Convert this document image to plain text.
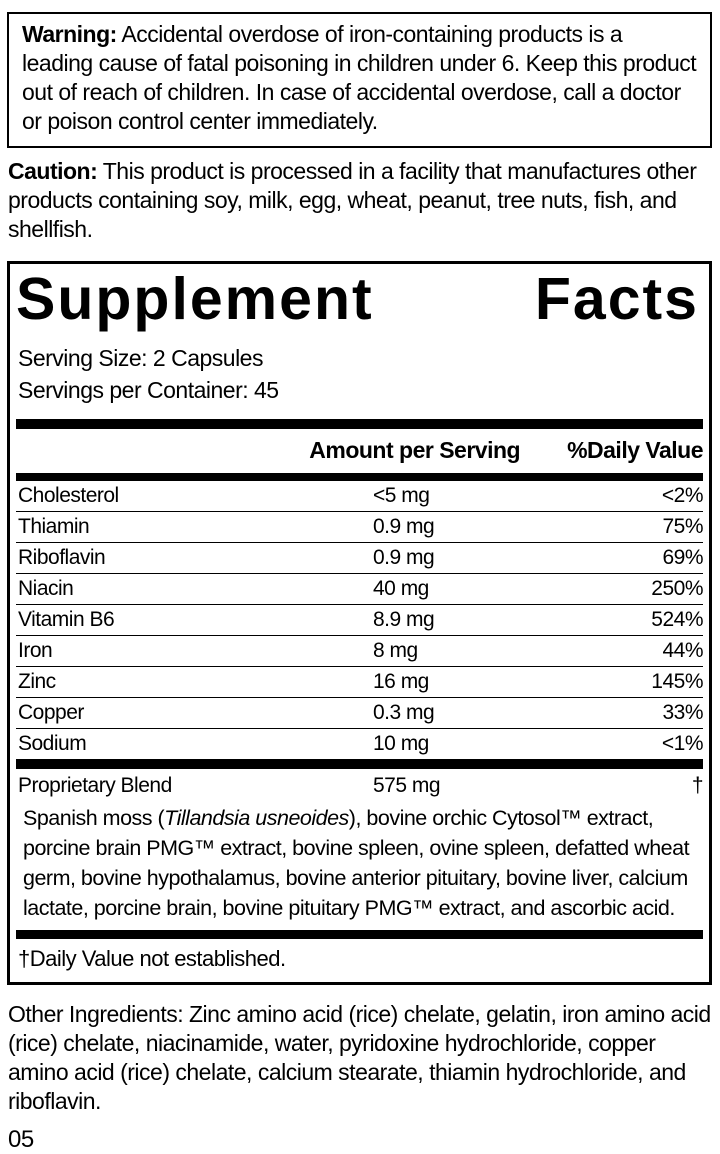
Warning: Accidental overdose of iron-containing products is a leading cause of fatal poisoning in children under 6. Keep this product out of reach of children. In case of accidental overdose, call a doctor or poison control center immediately.

Caution: This product is processed in a facility that manufactures other products containing soy, milk, egg, wheat, peanut, tree nuts, fish, and shellfish.

Supplement	Facts
Serving Size: 2 Capsules
Servings per Container: 45
Amount per Serving %Daily Value
Cholesterol	<5 mg	<2%
Thiamin	0.9 mg	75%
Riboflavin	0.9 mg	69%
Niacin	40 mg	250%
Vitamin B6	8.9 mg	524%
Iron	8 mg	44%
Zinc	16 mg	145%
Copper	0.3 mg	33%
Sodium	10 mg	<1%
Proprietary Blend	575 mg	†

Spanish moss (Tillandsia usneoides), bovine orchic Cytosol™ extract, porcine brain PMG™ extract, bovine spleen, ovine spleen, defatted wheat germ, bovine hypothalamus, bovine anterior pituitary, bovine liver, calcium lactate, porcine brain, bovine pituitary PMG™ extract, and ascorbic acid.

†Daily Value not established.

Other Ingredients: Zinc amino acid (rice) chelate, gelatin, iron amino acid (rice) chelate, niacinamide, water, pyridoxine hydrochloride, copper amino acid (rice) chelate, calcium stearate, thiamin hydrochloride, and riboflavin.

05
